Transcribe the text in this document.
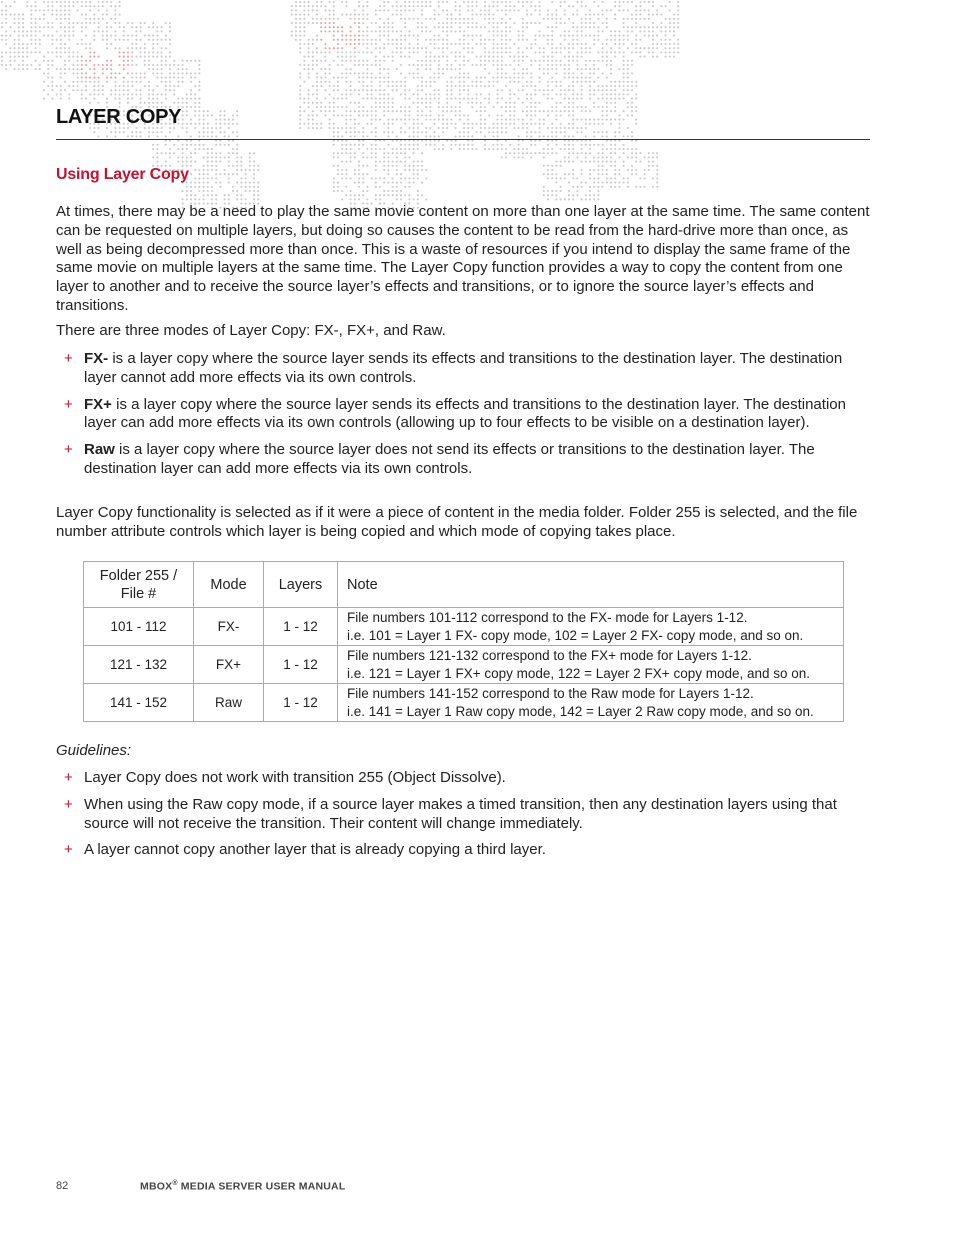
LAYER COPY
Using Layer Copy

At times, there may be a need to play the same movie content on more than one layer at the same time. The same content can be requested on multiple layers, but doing so causes the content to be read from the hard-drive more than once, as well as being decompressed more than once. This is a waste of resources if you intend to display the same frame of the same movie on multiple layers at the same time. The Layer Copy function provides a way to copy the content from one layer to another and to receive the source layer’s effects and transitions, or to ignore the source layer’s effects and transitions.

There are three modes of Layer Copy: FX-, FX+, and Raw.

+ FX- is a layer copy where the source layer sends its effects and transitions to the destination layer. The destination layer cannot add more effects via its own controls.
+ FX+ is a layer copy where the source layer sends its effects and transitions to the destination layer. The destination layer can add more effects via its own controls (allowing up to four effects to be visible on a destination layer).
+ Raw is a layer copy where the source layer does not send its effects or transitions to the destination layer. The destination layer can add more effects via its own controls.

Layer Copy functionality is selected as if it were a piece of content in the media folder. Folder 255 is selected, and the file number attribute controls which layer is being copied and which mode of copying takes place.

Folder 255 / File #	Mode	Layers	Note
101 - 112	FX-	1 - 12	File numbers 101-112 correspond to the FX- mode for Layers 1-12.
i.e. 101 = Layer 1 FX- copy mode, 102 = Layer 2 FX- copy mode, and so on.
121 - 132	FX+	1 - 12	File numbers 121-132 correspond to the FX+ mode for Layers 1-12.
i.e. 121 = Layer 1 FX+ copy mode, 122 = Layer 2 FX+ copy mode, and so on.
141 - 152	Raw	1 - 12	File numbers 141-152 correspond to the Raw mode for Layers 1-12.
i.e. 141 = Layer 1 Raw copy mode, 142 = Layer 2 Raw copy mode, and so on.

Guidelines:

+ Layer Copy does not work with transition 255 (Object Dissolve).
+ When using the Raw copy mode, if a source layer makes a timed transition, then any destination layers using that source will not receive the transition. Their content will change immediately.
+ A layer cannot copy another layer that is already copying a third layer.
82	MBOX® MEDIA SERVER USER MANUAL
